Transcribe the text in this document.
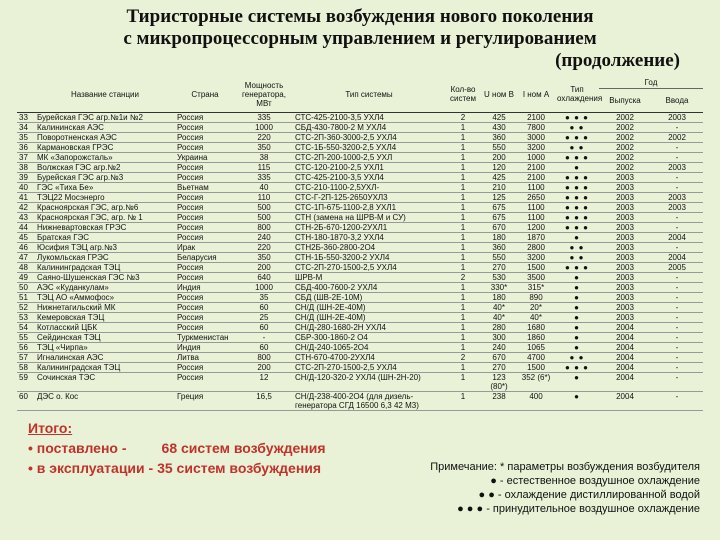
Тиристорные системы возбуждения нового поколения
с микропроцессорным управлением и регулированием
(продолжение)
	Название станции	Страна	Мощность генератора, МВт	Тип системы	Кол-во систем	U ном В	I ном А	Тип охлаждения	Год	
									Выпуска	Ввода
33	Бурейская ГЭС агр.№1и №2	Россия	335	СТС-425-2100-3,5 УХЛ4	2	425	2100	● ● ●	2002	2003
34	Калининская АЭС	Россия	1000	СБД-430-7800-2 М УХЛ4	1	430	7800	● ●	2002	-
35	Поворотненская АЭС	Россия	220	СТС-2П-360-3000-2,5 УХЛ4	1	360	3000	● ● ●	2002	2002
36	Кармановская ГРЭС	Россия	350	СТС-1Б-550-3200-2,5 УХЛ4	1	550	3200	● ●	2002	-
37	МК «Запорожсталь»	Украина	38	СТС-2П-200-1000-2,5 УХЛ	1	200	1000	● ● ●	2002	-
38	Волжская ГЭС агр.№2	Россия	115	СТС-120-2100-2,5 УХЛ1	1	120	2100	●	2002	2003
39	Бурейская ГЭС агр.№3	Россия	335	СТС-425-2100-3,5 УХЛ4	1	425	2100	● ● ●	2003	-
40	ГЭС «Тиха Бе»	Вьетнам	40	СТС-210-1100-2,5УХЛ-	1	210	1100	● ● ●	2003	-
41	ТЭЦ22 Мосэнерго	Россия	110	СТС-Г-2П-125-2650УХЛ3	1	125	2650	● ● ●	2003	2003
42	Красноярская ГЭС, агр.№6	Россия	500	СТС-1П-675-1100-2,8 УХЛ1	1	675	1100	● ● ●	2003	2003
43	Красноярская ГЭС, агр. № 1	Россия	500	СТН (замена на ШРВ-М и СУ)	1	675	1100	● ● ●	2003	-
44	Нижневартовская ГРЭС	Россия	800	СТН-2Б-670-1200-2УХЛ1	1	670	1200	● ● ●	2003	-
45	Братская ГЭС	Россия	240	СТН-180-1870-3,2 УХЛ4	1	180	1870	●	2003	2004
46	Юсифия ТЭЦ агр.№3	Ирак	220	СТН2Б-360-2800-2О4	1	360	2800	● ●	2003	-
47	Лукомльская ГРЭС	Беларусия	350	СТН-1Б-550-3200-2 УХЛ4	1	550	3200	● ●	2003	2004
48	Калининградская ТЭЦ	Россия	200	СТС-2П-270-1500-2,5 УХЛ4	1	270	1500	● ● ●	2003	2005
49	Саяно-Шушенская ГЭС №3	Россия	640	ШРВ-М	2	530	3500	●	2003	-
50	АЭС «Куданкулам»	Индия	1000	СБД-400-7600-2 УХЛ4	1	330*	315*	●	2003	-
51	ТЭЦ АО «Аммофос»	Россия	35	СБД (ШВ-2Е-10М)	1	180	890	●	2003	-
52	Нижнетагильский МК	Россия	60	СН/Д (ШН-2Е-40М)	1	40*	20*	●	2003	-
53	Кемеровская ТЭЦ	Россия	25	СН/Д (ШН-2Е-40М)	1	40*	40*	●	2003	-
54	Котласский ЦБК	Россия	60	СН/Д-280-1680-2Н УХЛ4	1	280	1680	●	2004	-
55	Сейдинская ТЭЦ	Туркменистан	-	СБР-300-1860-2 О4	1	300	1860	●	2004	-
56	ТЭЦ «Чирпа»	Индия	60	СН/Д-240-1065-2О4	1	240	1065	●	2004	-
57	Игналинская АЭС	Литва	800	СТН-670-4700-2УХЛ4	2	670	4700	● ●	2004	-
58	Калининградская ТЭЦ	Россия	200	СТС-2П-270-1500-2,5 УХЛ4	1	270	1500	● ● ●	2004	-
59	Сочинская ТЭС	Россия	12	СН/Д-120-320-2 УХЛ4 (ШН-2Н-20)	1	123 (80*)	352 (6*)	●	2004	-
60	ДЭС о. Кос	Греция	16,5	СН/Д-238-400-2О4 (для дизель-генератора СГД 16500 6,3 42 М3)	1	238	400	●	2004	-
Итого:
• поставлено -         68 систем возбуждения
• в эксплуатации - 35 систем возбуждения	Примечание: * параметры возбуждения возбудителя
● - естественное воздушное охлаждение
● ● - охлаждение дистиллированной водой
● ● ● - принудительное воздушное охлаждение
